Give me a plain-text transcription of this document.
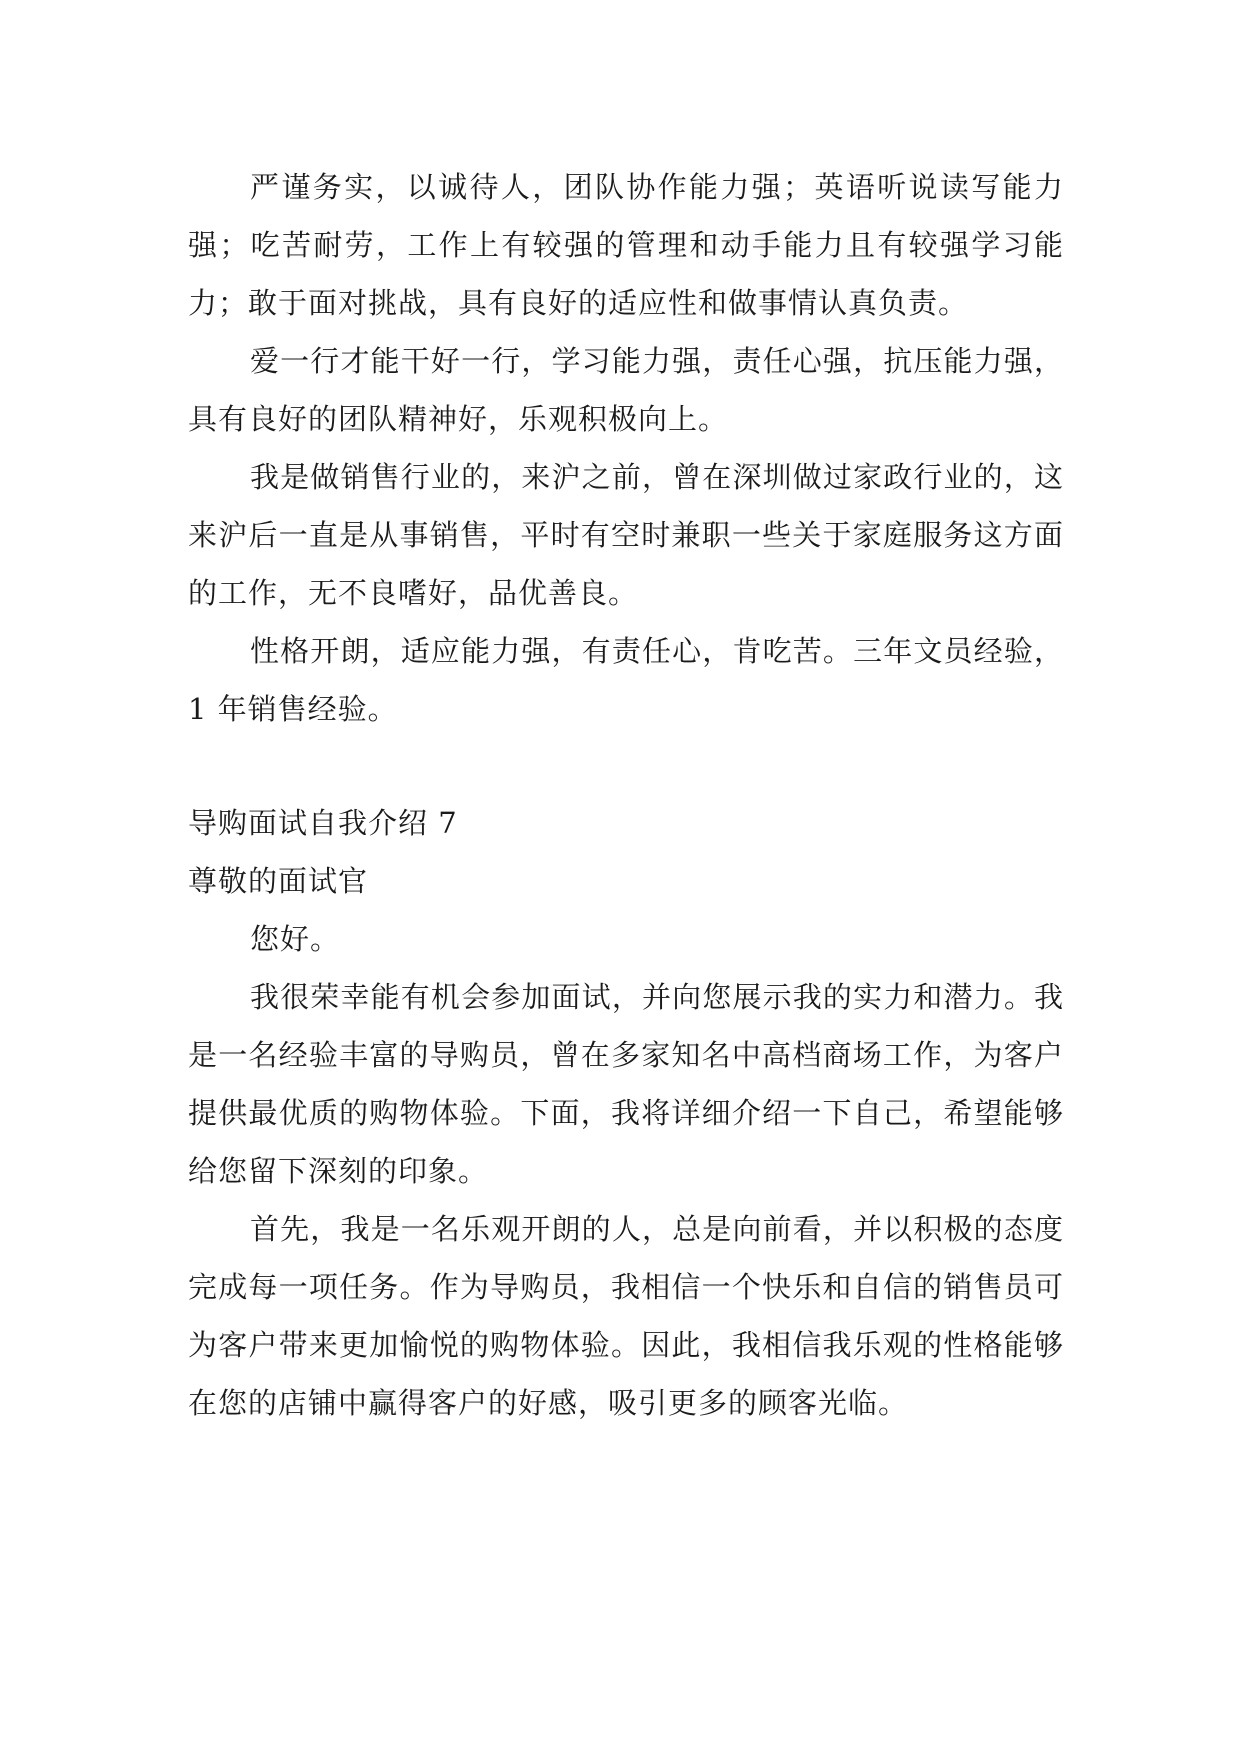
严谨务实，以诚待人，团队协作能力强；英语听说读写能力强；吃苦耐劳，工作上有较强的管理和动手能力且有较强学习能力；敢于面对挑战，具有良好的适应性和做事情认真负责。

爱一行才能干好一行，学习能力强，责任心强，抗压能力强，具有良好的团队精神好，乐观积极向上。

我是做销售行业的，来沪之前，曾在深圳做过家政行业的，这来沪后一直是从事销售，平时有空时兼职一些关于家庭服务这方面的工作，无不良嗜好，品优善良。

性格开朗，适应能力强，有责任心，肯吃苦。三年文员经验，1 年销售经验。

导购面试自我介绍 7

尊敬的面试官

您好。

我很荣幸能有机会参加面试，并向您展示我的实力和潜力。我是一名经验丰富的导购员，曾在多家知名中高档商场工作，为客户提供最优质的购物体验。下面，我将详细介绍一下自己，希望能够给您留下深刻的印象。

首先，我是一名乐观开朗的人，总是向前看，并以积极的态度完成每一项任务。作为导购员，我相信一个快乐和自信的销售员可为客户带来更加愉悦的购物体验。因此，我相信我乐观的性格能够在您的店铺中赢得客户的好感，吸引更多的顾客光临。
